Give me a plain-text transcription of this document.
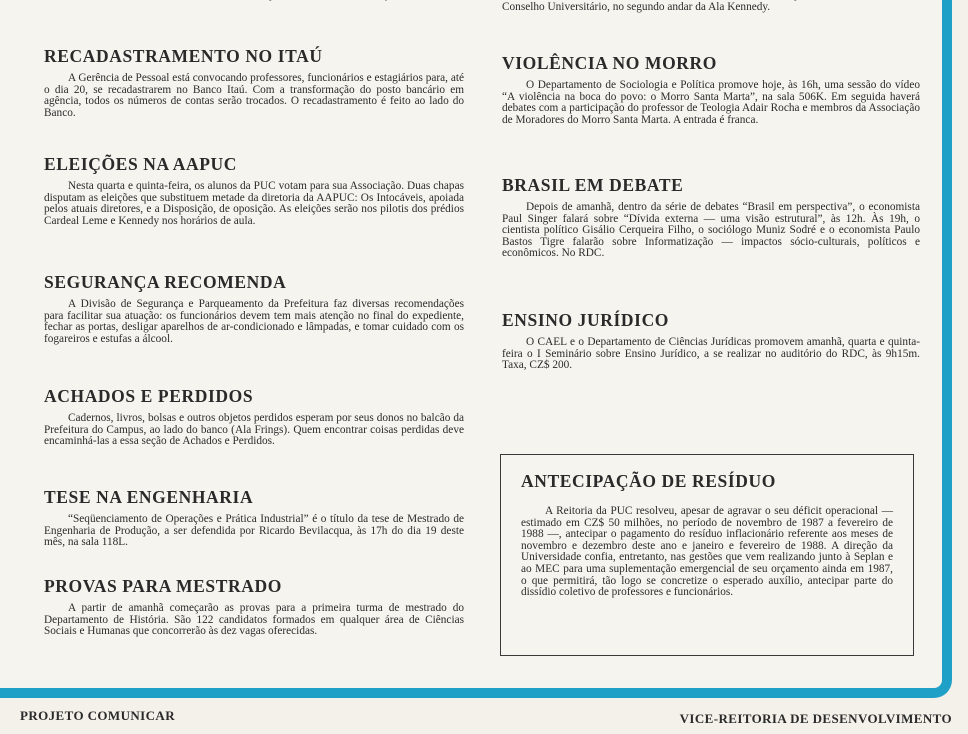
RECADASTRAMENTO NO ITAÚ

A Gerência de Pessoal está convocando professores, funcionários e estagiários para, até o dia 20, se recadastrarem no Banco Itaú. Com a transformação do posto bancário em agência, todos os números de contas serão trocados. O recadastramento é feito ao lado do Banco.

ELEIÇÕES NA AAPUC

Nesta quarta e quinta-feira, os alunos da PUC votam para sua Associação. Duas chapas disputam as eleições que substituem metade da diretoria da AAPUC: Os Intocáveis, apoiada pelos atuais diretores, e a Disposição, de oposição. As eleições serão nos pilotis dos prédios Cardeal Leme e Kennedy nos horários de aula.

SEGURANÇA RECOMENDA

A Divisão de Segurança e Parqueamento da Prefeitura faz diversas recomendações para facilitar sua atuação: os funcionários devem tem mais atenção no final do expediente, fechar as portas, desligar aparelhos de ar-condicionado e lâmpadas, e tomar cuidado com os fogareiros e estufas a álcool.

ACHADOS E PERDIDOS

Cadernos, livros, bolsas e outros objetos perdidos esperam por seus donos no balcão da Prefeitura do Campus, ao lado do banco (Ala Frings). Quem encontrar coisas perdidas deve encaminhá-las a essa seção de Achados e Perdidos.

TESE NA ENGENHARIA

“Seqüenciamento de Operações e Prática Industrial” é o título da tese de Mestrado de Engenharia de Produção, a ser defendida por Ricardo Bevilacqua, às 17h do dia 19 deste mês, na sala 118L.

PROVAS PARA MESTRADO

A partir de amanhã começarão as provas para a primeira turma de mestrado do Departamento de História. São 122 candidatos formados em qualquer área de Ciências Sociais e Humanas que concorrerão às dez vagas oferecidas.

Conselho Universitário, no segundo andar da Ala Kennedy.

VIOLÊNCIA NO MORRO

O Departamento de Sociologia e Política promove hoje, às 16h, uma sessão do vídeo “A violência na boca do povo: o Morro Santa Marta”, na sala 506K. Em seguida haverá debates com a participação do professor de Teologia Adair Rocha e membros da Associação de Moradores do Morro Santa Marta. A entrada é franca.

BRASIL EM DEBATE

Depois de amanhã, dentro da série de debates “Brasil em perspectiva”, o economista Paul Singer falará sobre “Dívida externa — uma visão estrutural”, às 12h. Às 19h, o cientista político Gisálio Cerqueira Filho, o sociólogo Muniz Sodré e o economista Paulo Bastos Tigre falarão sobre Informatização — impactos sócio-culturais, políticos e econômicos. No RDC.

ENSINO JURÍDICO

O CAEL e o Departamento de Ciências Jurídicas promovem amanhã, quarta e quinta-feira o I Seminário sobre Ensino Jurídico, a se realizar no auditório do RDC, às 9h15m. Taxa, CZ$ 200.

ANTECIPAÇÃO DE RESÍDUO

A Reitoria da PUC resolveu, apesar de agravar o seu déficit operacional — estimado em CZ$ 50 milhões, no período de novembro de 1987 a fevereiro de 1988 —, antecipar o pagamento do resíduo inflacionário referente aos meses de novembro e dezembro deste ano e janeiro e fevereiro de 1988. A direção da Universidade confia, entretanto, nas gestões que vem realizando junto à Seplan e ao MEC para uma suplementação emergencial de seu orçamento ainda em 1987, o que permitirá, tão logo se concretize o esperado auxílio, antecipar parte do dissídio coletivo de professores e funcionários.

PROJETO COMUNICAR	VICE-REITORIA DE DESENVOLVIMENTO
